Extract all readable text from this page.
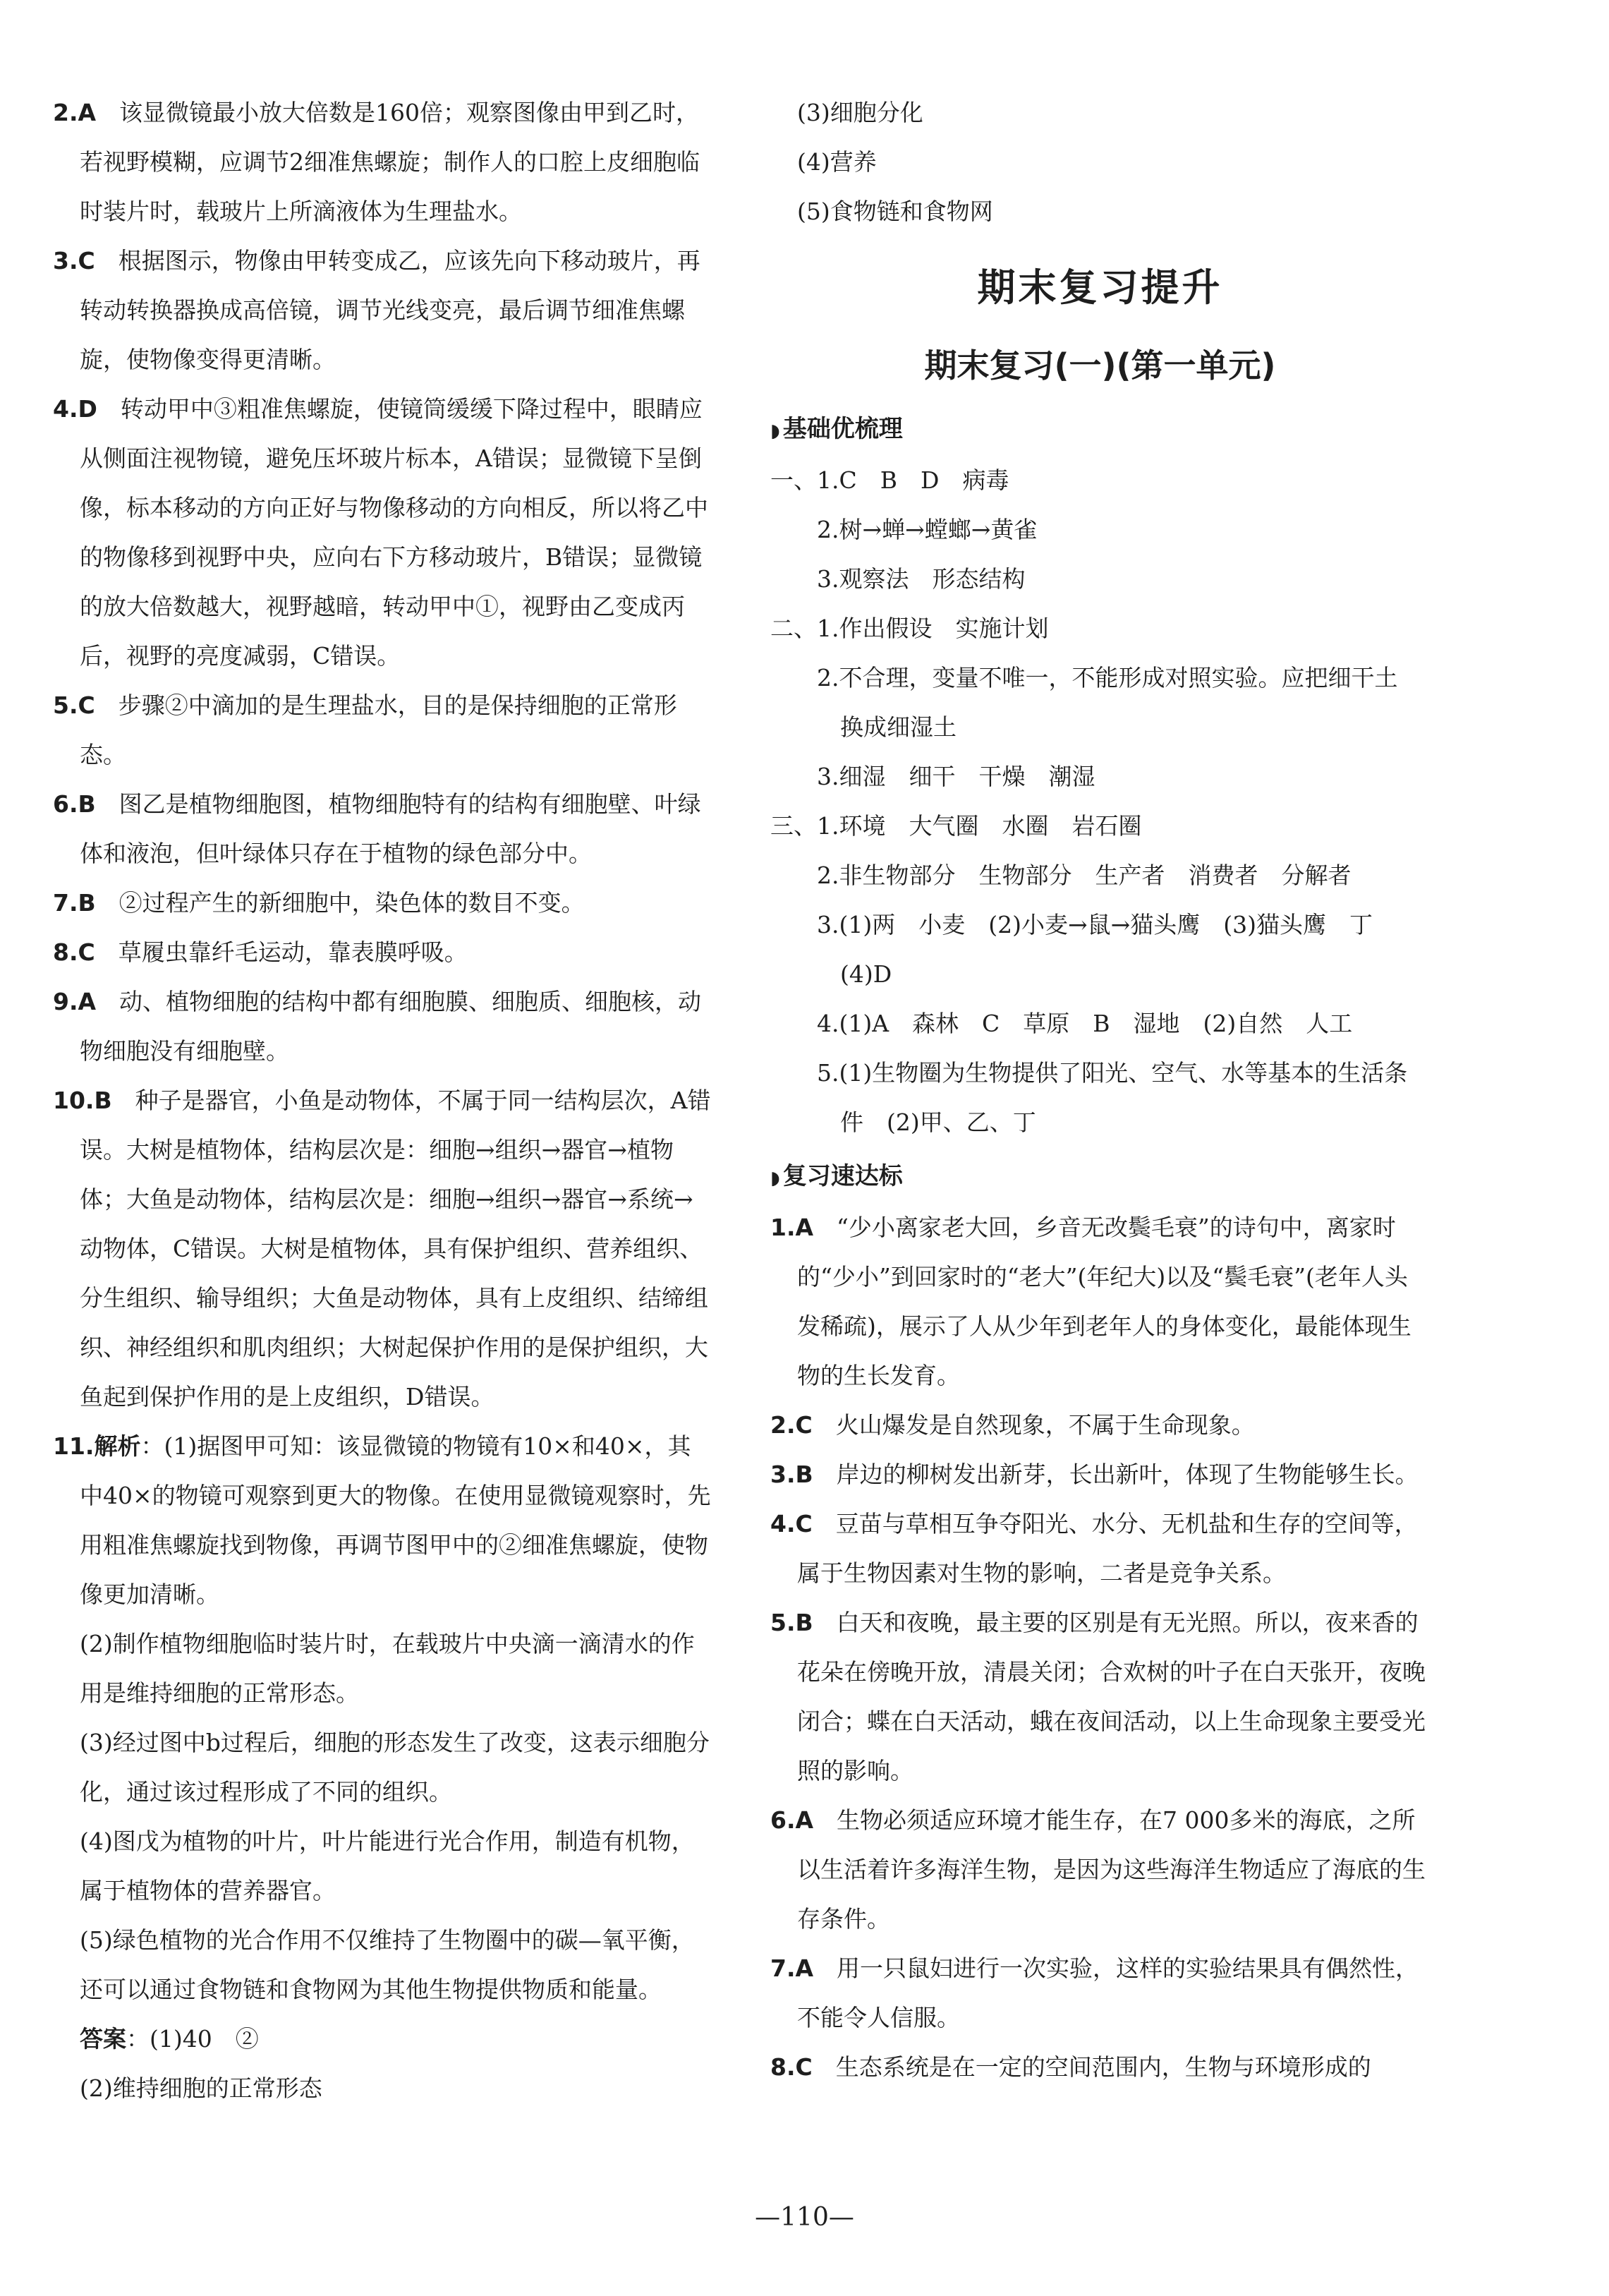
2.A　 该显微镜最小放大倍数是160倍；观察图像由甲到乙时，若视野模糊，应调节2细准焦螺旋；制作人的口腔上皮细胞临时装片时，载玻片上所滴液体为生理盐水。
3.C　 根据图示，物像由甲转变成乙，应该先向下移动玻片，再转动转换器换成高倍镜，调节光线变亮，最后调节细准焦螺旋，使物像变得更清晰。
4.D　 转动甲中③粗准焦螺旋，使镜筒缓缓下降过程中，眼睛应从侧面注视物镜，避免压坏玻片标本，A错误；显微镜下呈倒像，标本移动的方向正好与物像移动的方向相反，所以将乙中的物像移到视野中央，应向右下方移动玻片，B错误；显微镜的放大倍数越大，视野越暗，转动甲中①，视野由乙变成丙后，视野的亮度减弱，C错误。
5.C　 步骤②中滴加的是生理盐水，目的是保持细胞的正常形态。
6.B　 图乙是植物细胞图，植物细胞特有的结构有细胞壁、叶绿体和液泡，但叶绿体只存在于植物的绿色部分中。
7.B　 ②过程产生的新细胞中，染色体的数目不变。
8.C　 草履虫靠纤毛运动，靠表膜呼吸。
9.A　 动、植物细胞的结构中都有细胞膜、细胞质、细胞核，动物细胞没有细胞壁。
10.B　 种子是器官，小鱼是动物体，不属于同一结构层次，A错误。大树是植物体，结构层次是：细胞→组织→器官→植物体；大鱼是动物体，结构层次是：细胞→组织→器官→系统→动物体，C错误。大树是植物体，具有保护组织、营养组织、分生组织、输导组织；大鱼是动物体，具有上皮组织、结缔组织、神经组织和肌肉组织；大树起保护作用的是保护组织，大鱼起到保护作用的是上皮组织，D错误。
11.解析：(1)据图甲可知：该显微镜的物镜有10×和40×，其中40×的物镜可观察到更大的物像。在使用显微镜观察时，先用粗准焦螺旋找到物像，再调节图甲中的②细准焦螺旋，使物像更加清晰。

(2)制作植物细胞临时装片时，在载玻片中央滴一滴清水的作用是维持细胞的正常形态。

(3)经过图中b过程后，细胞的形态发生了改变，这表示细胞分化，通过该过程形成了不同的组织。

(4)图戊为植物的叶片，叶片能进行光合作用，制造有机物，属于植物体的营养器官。

(5)绿色植物的光合作用不仅维持了生物圈中的碳—氧平衡，还可以通过食物链和食物网为其他生物提供物质和能量。

答案：(1)40　②

(2)维持细胞的正常形态

(3)细胞分化

(4)营养

(5)食物链和食物网

期末复习提升
期末复习(一)(第一单元)
◗ 基础优梳理

一、1.C　B　D　病毒

　　2.树→蝉→螳螂→黄雀

　　3.观察法　形态结构

二、1.作出假设　实施计划

　　2.不合理，变量不唯一，不能形成对照实验。应把细干土

　　　换成细湿土

　　3.细湿　细干　干燥　潮湿

三、1.环境　大气圈　水圈　岩石圈

　　2.非生物部分　生物部分　生产者　消费者　分解者

　　3.(1)两　小麦　(2)小麦→鼠→猫头鹰　(3)猫头鹰　丁

　　　(4)D

　　4.(1)A　森林　C　草原　B　湿地　(2)自然　人工

　　5.(1)生物圈为生物提供了阳光、空气、水等基本的生活条

　　　件　(2)甲、乙、丁

◗ 复习速达标
1.A　 “少小离家老大回，乡音无改鬓毛衰”的诗句中，离家时的“少小”到回家时的“老大”(年纪大)以及“鬓毛衰”(老年人头发稀疏)，展示了人从少年到老年人的身体变化，最能体现生物的生长发育。
2.C　 火山爆发是自然现象，不属于生命现象。
3.B　 岸边的柳树发出新芽，长出新叶，体现了生物能够生长。
4.C　 豆苗与草相互争夺阳光、水分、无机盐和生存的空间等，属于生物因素对生物的影响，二者是竞争关系。
5.B　 白天和夜晚，最主要的区别是有无光照。所以，夜来香的花朵在傍晚开放，清晨关闭；合欢树的叶子在白天张开，夜晚闭合；蝶在白天活动，蛾在夜间活动，以上生命现象主要受光照的影响。
6.A　 生物必须适应环境才能生存，在7 000多米的海底，之所以生活着许多海洋生物，是因为这些海洋生物适应了海底的生存条件。
7.A　 用一只鼠妇进行一次实验，这样的实验结果具有偶然性，不能令人信服。
8.C　 生态系统是在一定的空间范围内，生物与环境形成的
—110—
